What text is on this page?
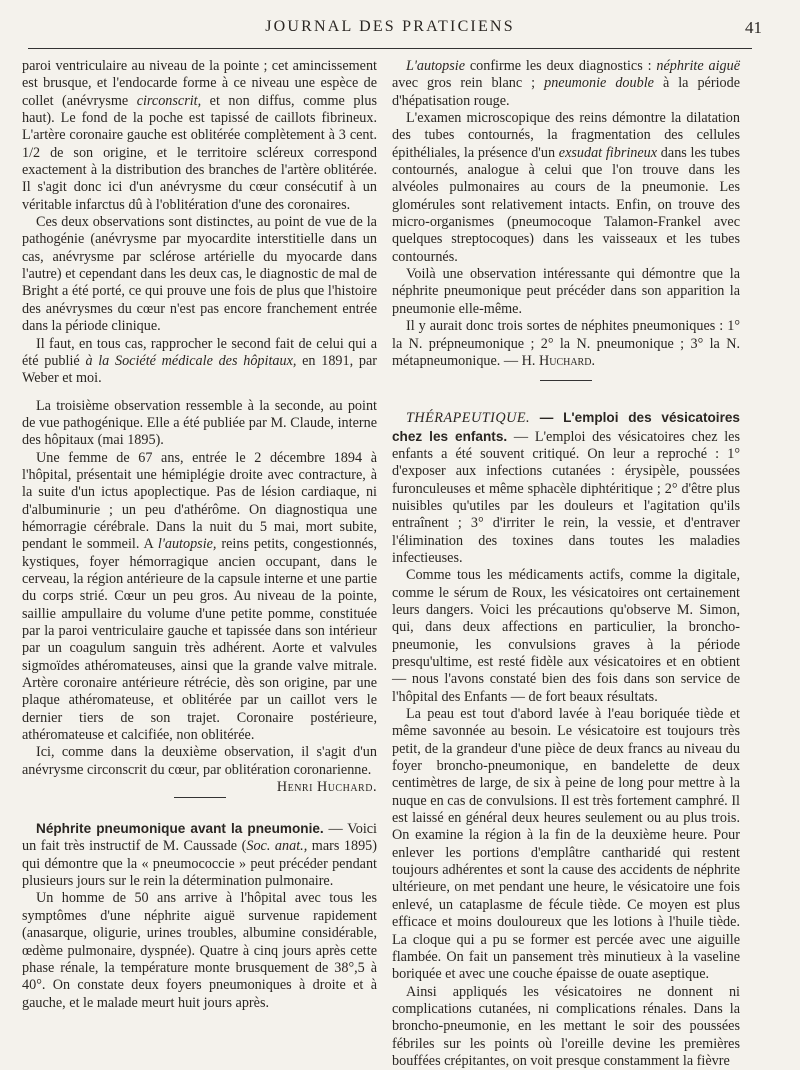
JOURNAL DES PRATICIENS	41

paroi ventriculaire au niveau de la pointe ; cet amincissement est brusque, et l'endocarde forme à ce niveau une espèce de collet (anévrysme circonscrit, et non diffus, comme plus haut). Le fond de la poche est tapissé de caillots fibrineux. L'artère coronaire gauche est oblitérée complètement à 3 cent. 1/2 de son origine, et le territoire scléreux correspond exactement à la distribution des branches de l'artère oblitérée. Il s'agit donc ici d'un anévrysme du cœur consécutif à un véritable infarctus dû à l'oblitération d'une des coronaires.

Ces deux observations sont distinctes, au point de vue de la pathogénie (anévrysme par myocardite interstitielle dans un cas, anévrysme par sclérose artérielle du myocarde dans l'autre) et cependant dans les deux cas, le diagnostic de mal de Bright a été porté, ce qui prouve une fois de plus que l'histoire des anévrysmes du cœur n'est pas encore franchement entrée dans la période clinique.

Il faut, en tous cas, rapprocher le second fait de celui qui a été publié à la Société médicale des hôpitaux, en 1891, par Weber et moi.

La troisième observation ressemble à la seconde, au point de vue pathogénique. Elle a été publiée par M. Claude, interne des hôpitaux (mai 1895).

Une femme de 67 ans, entrée le 2 décembre 1894 à l'hôpital, présentait une hémiplégie droite avec contracture, à la suite d'un ictus apoplectique. Pas de lésion cardiaque, ni d'albuminurie ; un peu d'athérôme. On diagnostiqua une hémorragie cérébrale. Dans la nuit du 5 mai, mort subite, pendant le sommeil. A l'autopsie, reins petits, congestionnés, kystiques, foyer hémorragique ancien occupant, dans le cerveau, la région antérieure de la capsule interne et une partie du corps strié. Cœur un peu gros. Au niveau de la pointe, saillie ampullaire du volume d'une petite pomme, constituée par la paroi ventriculaire gauche et tapissée dans son intérieur par un coagulum sanguin très adhérent. Aorte et valvules sigmoïdes athéromateuses, ainsi que la grande valve mitrale. Artère coronaire antérieure rétrécie, dès son origine, par une plaque athéromateuse, et oblitérée par un caillot vers le dernier tiers de son trajet. Coronaire postérieure, athéromateuse et calcifiée, non oblitérée.

Ici, comme dans la deuxième observation, il s'agit d'un anévrysme circonscrit du cœur, par oblitération coronarienne.
Henri Huchard.

Néphrite pneumonique avant la pneumonie. — Voici un fait très instructif de M. Caussade (Soc. anat., mars 1895) qui démontre que la « pneumococcie » peut précéder pendant plusieurs jours sur le rein la détermination pulmonaire.

Un homme de 50 ans arrive à l'hôpital avec tous les symptômes d'une néphrite aiguë survenue rapidement (anasarque, oligurie, urines troubles, albumine considérable, œdème pulmonaire, dyspnée). Quatre à cinq jours après cette phase rénale, la température monte brusquement de 38°,5 à 40°. On constate deux foyers pneumoniques à droite et à gauche, et le malade meurt huit jours après.

L'autopsie confirme les deux diagnostics : néphrite aiguë avec gros rein blanc ; pneumonie double à la période d'hépatisation rouge.

L'examen microscopique des reins démontre la dilatation des tubes contournés, la fragmentation des cellules épithéliales, la présence d'un exsudat fibrineux dans les tubes contournés, analogue à celui que l'on trouve dans les alvéoles pulmonaires au cours de la pneumonie. Les glomérules sont relativement intacts. Enfin, on trouve des micro-organismes (pneumocoque Talamon-Frankel avec quelques streptocoques) dans les vaisseaux et les tubes contournés.

Voilà une observation intéressante qui démontre que la néphrite pneumonique peut précéder dans son apparition la pneumonie elle-même.

Il y aurait donc trois sortes de néphites pneumoniques : 1° la N. prépneumonique ; 2° la N. pneumonique ; 3° la N. métapneumonique. — H. Huchard.

THÉRAPEUTIQUE. — L'emploi des vésicatoires chez les enfants. — L'emploi des vésicatoires chez les enfants a été souvent critiqué. On leur a reproché : 1° d'exposer aux infections cutanées : érysipèle, poussées furonculeuses et même sphacèle diphtéritique ; 2° d'être plus nuisibles qu'utiles par les douleurs et l'agitation qu'ils entraînent ; 3° d'irriter le rein, la vessie, et d'entraver l'élimination des toxines dans toutes les maladies infectieuses.

Comme tous les médicaments actifs, comme la digitale, comme le sérum de Roux, les vésicatoires ont certainement leurs dangers. Voici les précautions qu'observe M. Simon, qui, dans deux affections en particulier, la broncho-pneumonie, les convulsions graves à la période presqu'ultime, est resté fidèle aux vésicatoires et en obtient — nous l'avons constaté bien des fois dans son service de l'hôpital des Enfants — de fort beaux résultats.

La peau est tout d'abord lavée à l'eau boriquée tiède et même savonnée au besoin. Le vésicatoire est toujours très petit, de la grandeur d'une pièce de deux francs au niveau du foyer broncho-pneumonique, en bandelette de deux centimètres de large, de six à peine de long pour mettre à la nuque en cas de convulsions. Il est très fortement camphré. Il est laissé en général deux heures seulement ou au plus trois. On examine la région à la fin de la deuxième heure. Pour enlever les portions d'emplâtre cantharidé qui restent toujours adhérentes et sont la cause des accidents de néphrite ultérieure, on met pendant une heure, le vésicatoire une fois enlevé, un cataplasme de fécule tiède. Ce moyen est plus efficace et moins douloureux que les lotions à l'huile tiède. La cloque qui a pu se former est percée avec une aiguille flambée. On fait un pansement très minutieux à la vaseline boriquée et avec une couche épaisse de ouate aseptique.

Ainsi appliqués les vésicatoires ne donnent ni complications cutanées, ni complications rénales. Dans la broncho-pneumonie, en les mettant le soir des poussées fébriles sur les points où l'oreille devine les premières bouffées crépitantes, on voit presque constamment la fièvre
